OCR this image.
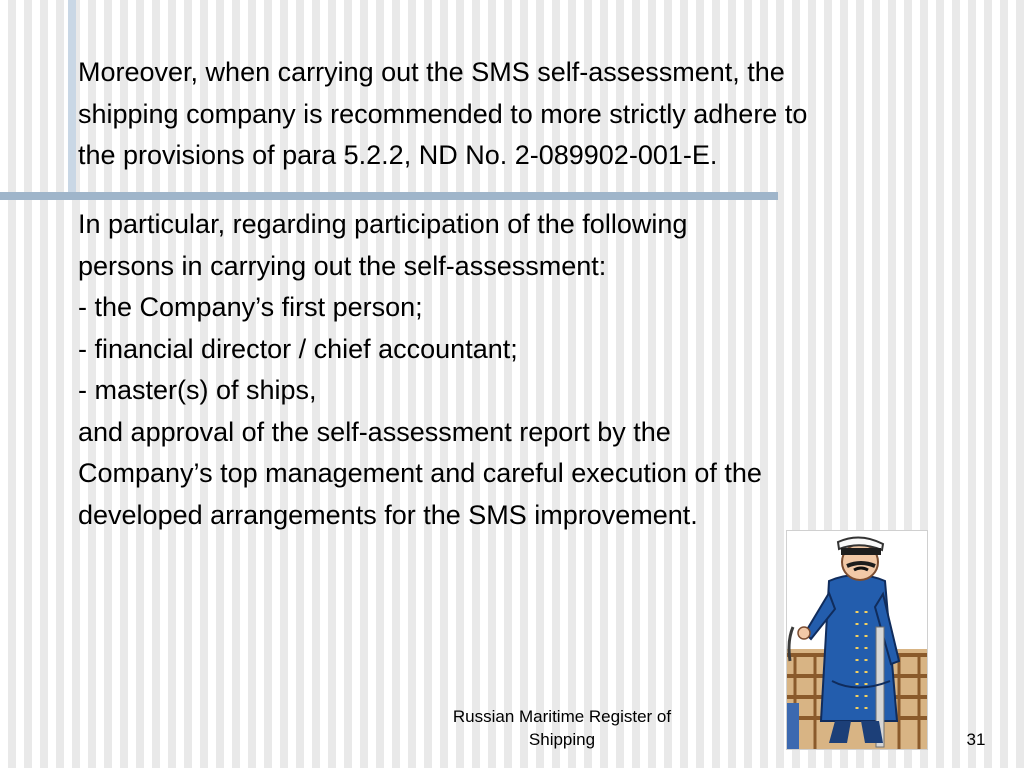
Moreover, when carrying out the SMS self-assessment, the
shipping company is recommended to more strictly adhere to
the provisions of para 5.2.2, ND No. 2-089902-001-E.
In particular, regarding participation of the following
persons in carrying out the self-assessment:
- the Company’s first person;
- financial director / chief accountant;
- master(s) of ships,
and approval of the self-assessment report by the
Company’s top management and careful execution of the
developed arrangements for the SMS improvement.
Russian Maritime Register of
Shipping	31
